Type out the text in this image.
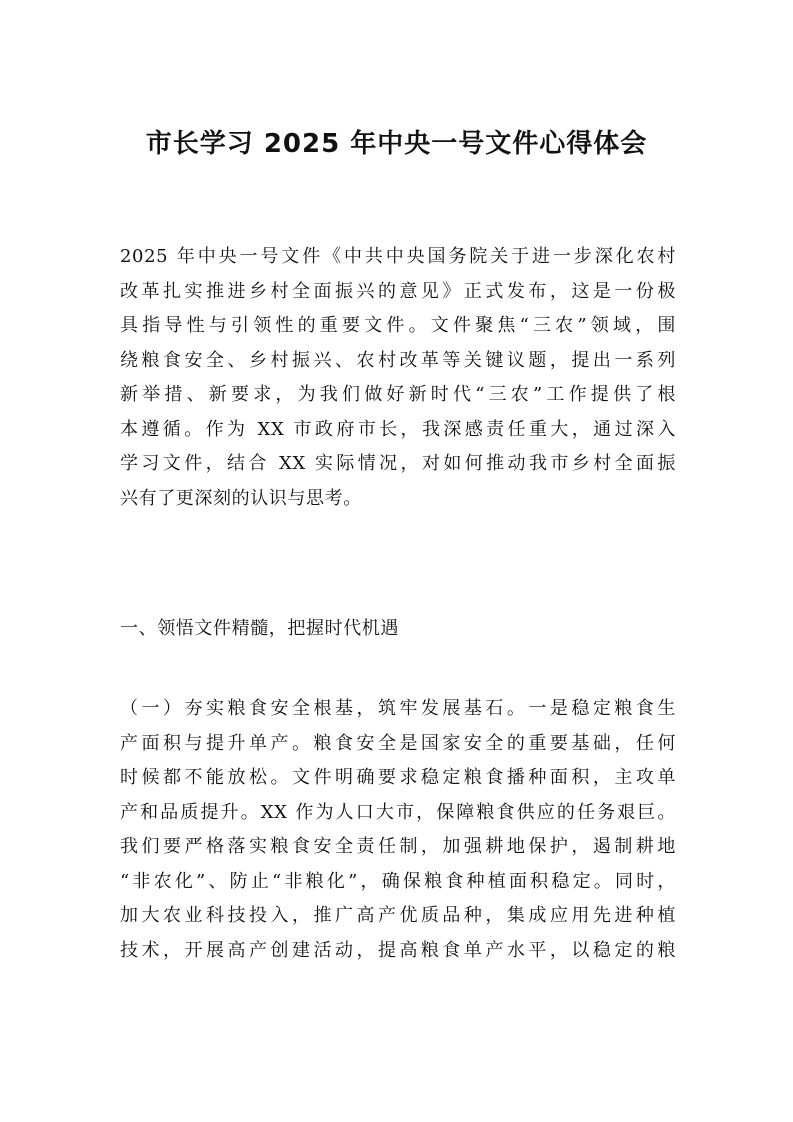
市长学习 2025 年中央一号文件心得体会
2025 年中央一号文件《中共中央国务院关于进一步深化农村
改革扎实推进乡村全面振兴的意见》正式发布，这是一份极
具指导性与引领性的重要文件。文件聚焦“三农”领域，围
绕粮食安全、乡村振兴、农村改革等关键议题，提出一系列
新举措、新要求，为我们做好新时代“三农”工作提供了根
本遵循。作为 XX 市政府市长，我深感责任重大，通过深入
学习文件，结合 XX 实际情况，对如何推动我市乡村全面振
兴有了更深刻的认识与思考。
一、领悟文件精髓，把握时代机遇
（一）夯实粮食安全根基，筑牢发展基石。一是稳定粮食生
产面积与提升单产。粮食安全是国家安全的重要基础，任何
时候都不能放松。文件明确要求稳定粮食播种面积，主攻单
产和品质提升。XX 作为人口大市，保障粮食供应的任务艰巨。
我们要严格落实粮食安全责任制，加强耕地保护，遏制耕地
“非农化”、防止“非粮化”，确保粮食种植面积稳定。同时，
加大农业科技投入，推广高产优质品种，集成应用先进种植
技术，开展高产创建活动，提高粮食单产水平，以稳定的粮
